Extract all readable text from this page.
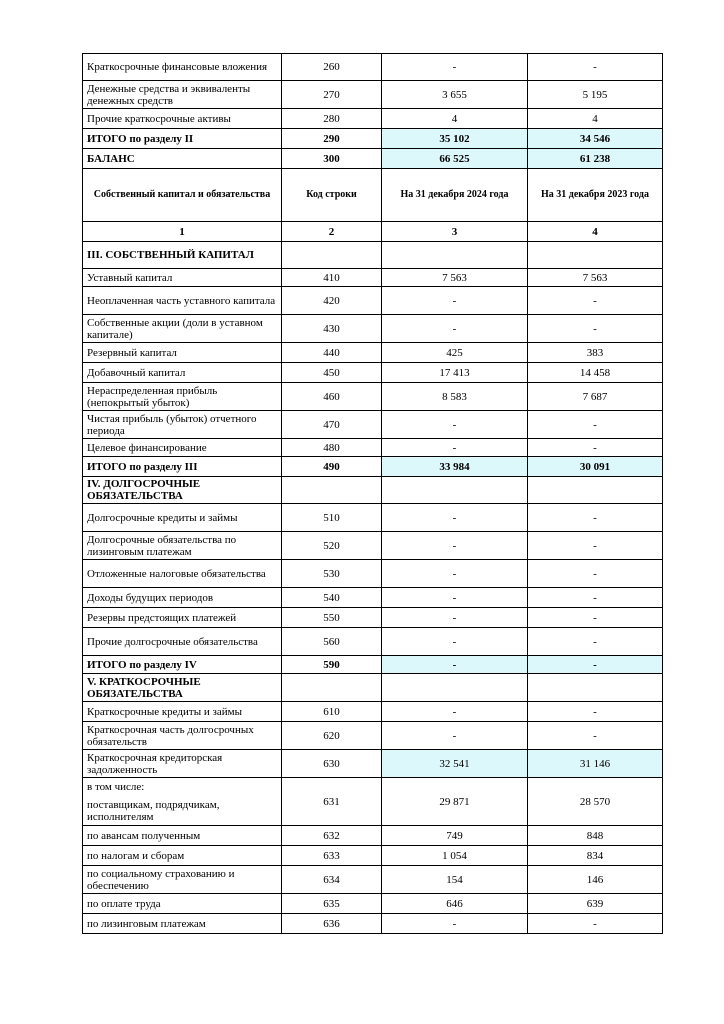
Краткосрочные финансовые вложения	260	-	-
Денежные средства и эквиваленты денежных средств	270	3 655	5 195
Прочие краткосрочные активы	280	4	4
ИТОГО по разделу II	290	35 102	34 546
БАЛАНС	300	66 525	61 238
Собственный капитал и обязательства	Код строки	На 31 декабря 2024 года	На 31 декабря 2023 года
1	2	3	4
III. СОБСТВЕННЫЙ КАПИТАЛ			
Уставный капитал	410	7 563	7 563
Неоплаченная часть уставного капитала	420	-	-
Собственные акции (доли в уставном капитале)	430	-	-
Резервный капитал	440	425	383
Добавочный капитал	450	17 413	14 458
Нераспределенная прибыль (непокрытый убыток)	460	8 583	7 687
Чистая прибыль (убыток) отчетного периода	470	-	-
Целевое финансирование	480	-	-
ИТОГО по разделу III	490	33 984	30 091
IV. ДОЛГОСРОЧНЫЕ ОБЯЗАТЕЛЬСТВА			
Долгосрочные кредиты и займы	510	-	-
Долгосрочные обязательства по лизинговым платежам	520	-	-
Отложенные налоговые обязательства	530	-	-
Доходы будущих периодов	540	-	-
Резервы предстоящих платежей	550	-	-
Прочие долгосрочные обязательства	560	-	-
ИТОГО по разделу IV	590	-	-
V. КРАТКОСРОЧНЫЕ ОБЯЗАТЕЛЬСТВА			
Краткосрочные кредиты и займы	610	-	-
Краткосрочная часть долгосрочных обязательств	620	-	-
Краткосрочная кредиторская задолженность	630	32 541	31 146

в том числе:
поставщикам, подрядчикам, исполнителям	631	29 871	28 570
по авансам полученным	632	749	848
по налогам и сборам	633	1 054	834
по социальному страхованию и обеспечению	634	154	146
по оплате труда	635	646	639
по лизинговым платежам	636	-	-
